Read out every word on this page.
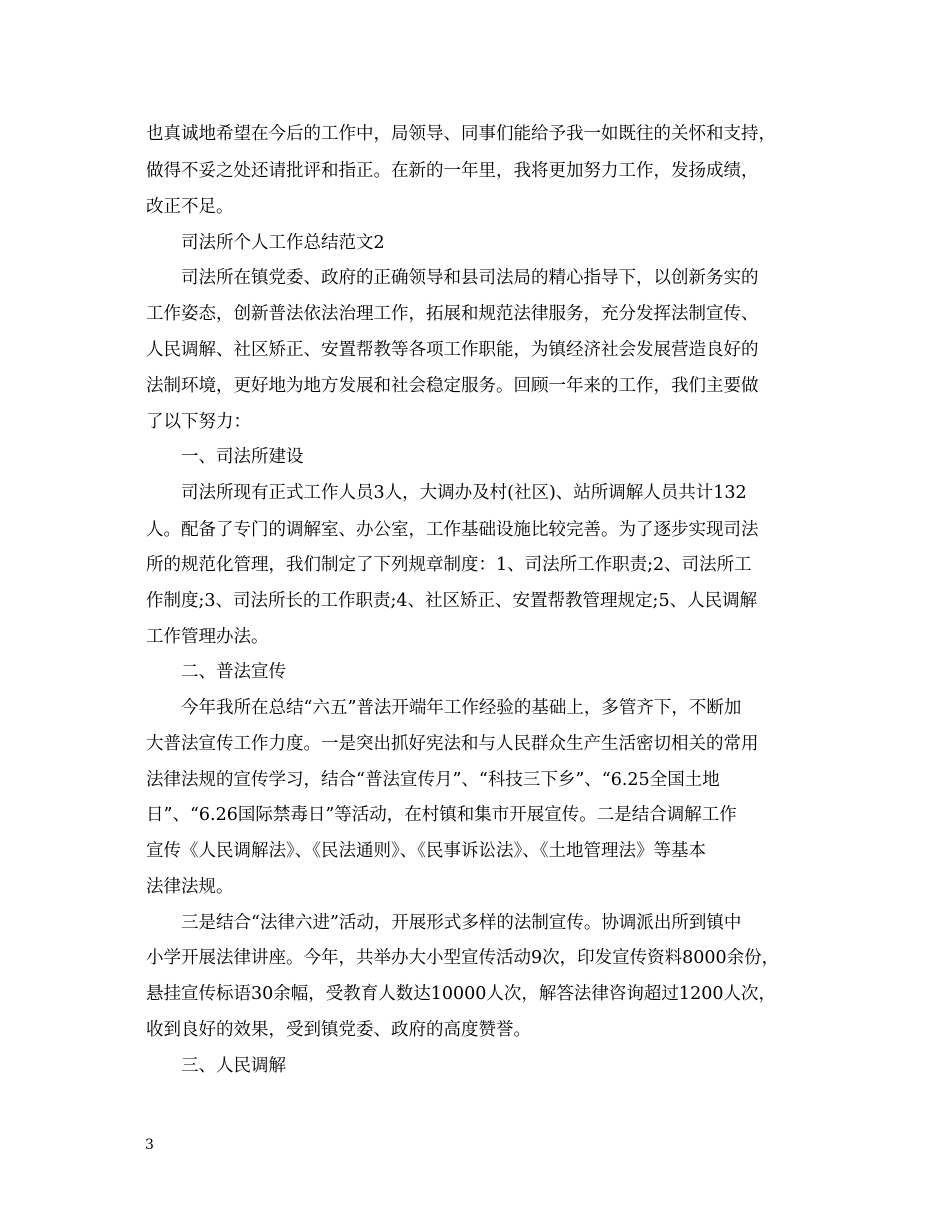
也真诚地希望在今后的工作中，局领导、同事们能给予我一如既往的关怀和支持，
做得不妥之处还请批评和指正。在新的一年里，我将更加努力工作，发扬成绩，
改正不足。
司法所个人工作总结范文2
司法所在镇党委、政府的正确领导和县司法局的精心指导下，以创新务实的
工作姿态，创新普法依法治理工作，拓展和规范法律服务，充分发挥法制宣传、
人民调解、社区矫正、安置帮教等各项工作职能，为镇经济社会发展营造良好的
法制环境，更好地为地方发展和社会稳定服务。回顾一年来的工作，我们主要做
了以下努力：
一、司法所建设
司法所现有正式工作人员3人，大调办及村(社区)、站所调解人员共计132
人。配备了专门的调解室、办公室，工作基础设施比较完善。为了逐步实现司法
所的规范化管理，我们制定了下列规章制度：1、司法所工作职责;2、司法所工
作制度;3、司法所长的工作职责;4、社区矫正、安置帮教管理规定;5、人民调解
工作管理办法。
二、普法宣传
今年我所在总结“六五”普法开端年工作经验的基础上，多管齐下，不断加
大普法宣传工作力度。一是突出抓好宪法和与人民群众生产生活密切相关的常用
法律法规的宣传学习，结合“普法宣传月”、“科技三下乡”、“6.25全国土地
日”、“6.26国际禁毒日”等活动，在村镇和集市开展宣传。二是结合调解工作
宣传《人民调解法》、《民法通则》、《民事诉讼法》、《土地管理法》等基本
法律法规。
三是结合“法律六进”活动，开展形式多样的法制宣传。协调派出所到镇中
小学开展法律讲座。今年，共举办大小型宣传活动9次，印发宣传资料8000余份，
悬挂宣传标语30余幅，受教育人数达10000人次，解答法律咨询超过1200人次，
收到良好的效果，受到镇党委、政府的高度赞誉。
三、人民调解
3
